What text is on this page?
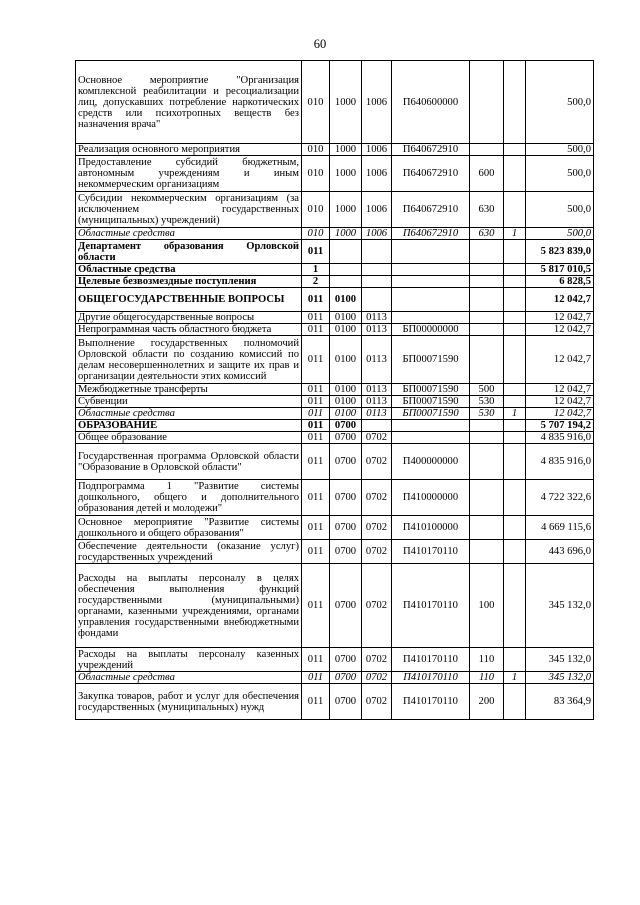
60
Основное мероприятие "Организация комплексной реабилитации и ресоциализации лиц, допускавших потребление наркотических средств или психотропных веществ без назначения врача"	010	1000	1006	П640600000			500,0
Реализация основного мероприятия	010	1000	1006	П640672910			500,0
Предоставление субсидий бюджетным, автономным учреждениям и иным некоммерческим организациям	010	1000	1006	П640672910	600		500,0
Субсидии некоммерческим организациям (за исключением государственных (муниципальных) учреждений)	010	1000	1006	П640672910	630		500,0
Областные средства	010	1000	1006	П640672910	630	1	500,0
Департамент образования Орловской области	011						5 823 839,0
Областные средства	1						5 817 010,5
Целевые безвозмездные поступления	2						6 828,5
ОБЩЕГОСУДАРСТВЕННЫЕ ВОПРОСЫ	011	0100					12 042,7
Другие общегосударственные вопросы	011	0100	0113				12 042,7
Непрограммная часть областного бюджета	011	0100	0113	БП00000000			12 042,7
Выполнение государственных полномочий Орловской области по созданию комиссий по делам несовершеннолетних и защите их прав и организации деятельности этих комиссий	011	0100	0113	БП00071590			12 042,7
Межбюджетные трансферты	011	0100	0113	БП00071590	500		12 042,7
Субвенции	011	0100	0113	БП00071590	530		12 042,7
Областные средства	011	0100	0113	БП00071590	530	1	12 042,7
ОБРАЗОВАНИЕ	011	0700					5 707 194,2
Общее образование	011	0700	0702				4 835 916,0
Государственная программа Орловской области "Образование в Орловской области"	011	0700	0702	П400000000			4 835 916,0
Подпрограмма 1 "Развитие системы дошкольного, общего и дополнительного образования детей и молодежи"	011	0700	0702	П410000000			4 722 322,6
Основное мероприятие "Развитие системы дошкольного и общего образования"	011	0700	0702	П410100000			4 669 115,6
Обеспечение деятельности (оказание услуг) государственных учреждений	011	0700	0702	П410170110			443 696,0
Расходы на выплаты персоналу в целях обеспечения выполнения функций государственными (муниципальными) органами, казенными учреждениями, органами управления государственными внебюджетными фондами	011	0700	0702	П410170110	100		345 132,0
Расходы на выплаты персоналу казенных учреждений	011	0700	0702	П410170110	110		345 132,0
Областные средства	011	0700	0702	П410170110	110	1	345 132,0
Закупка товаров, работ и услуг для обеспечения государственных (муниципальных) нужд	011	0700	0702	П410170110	200		83 364,9
